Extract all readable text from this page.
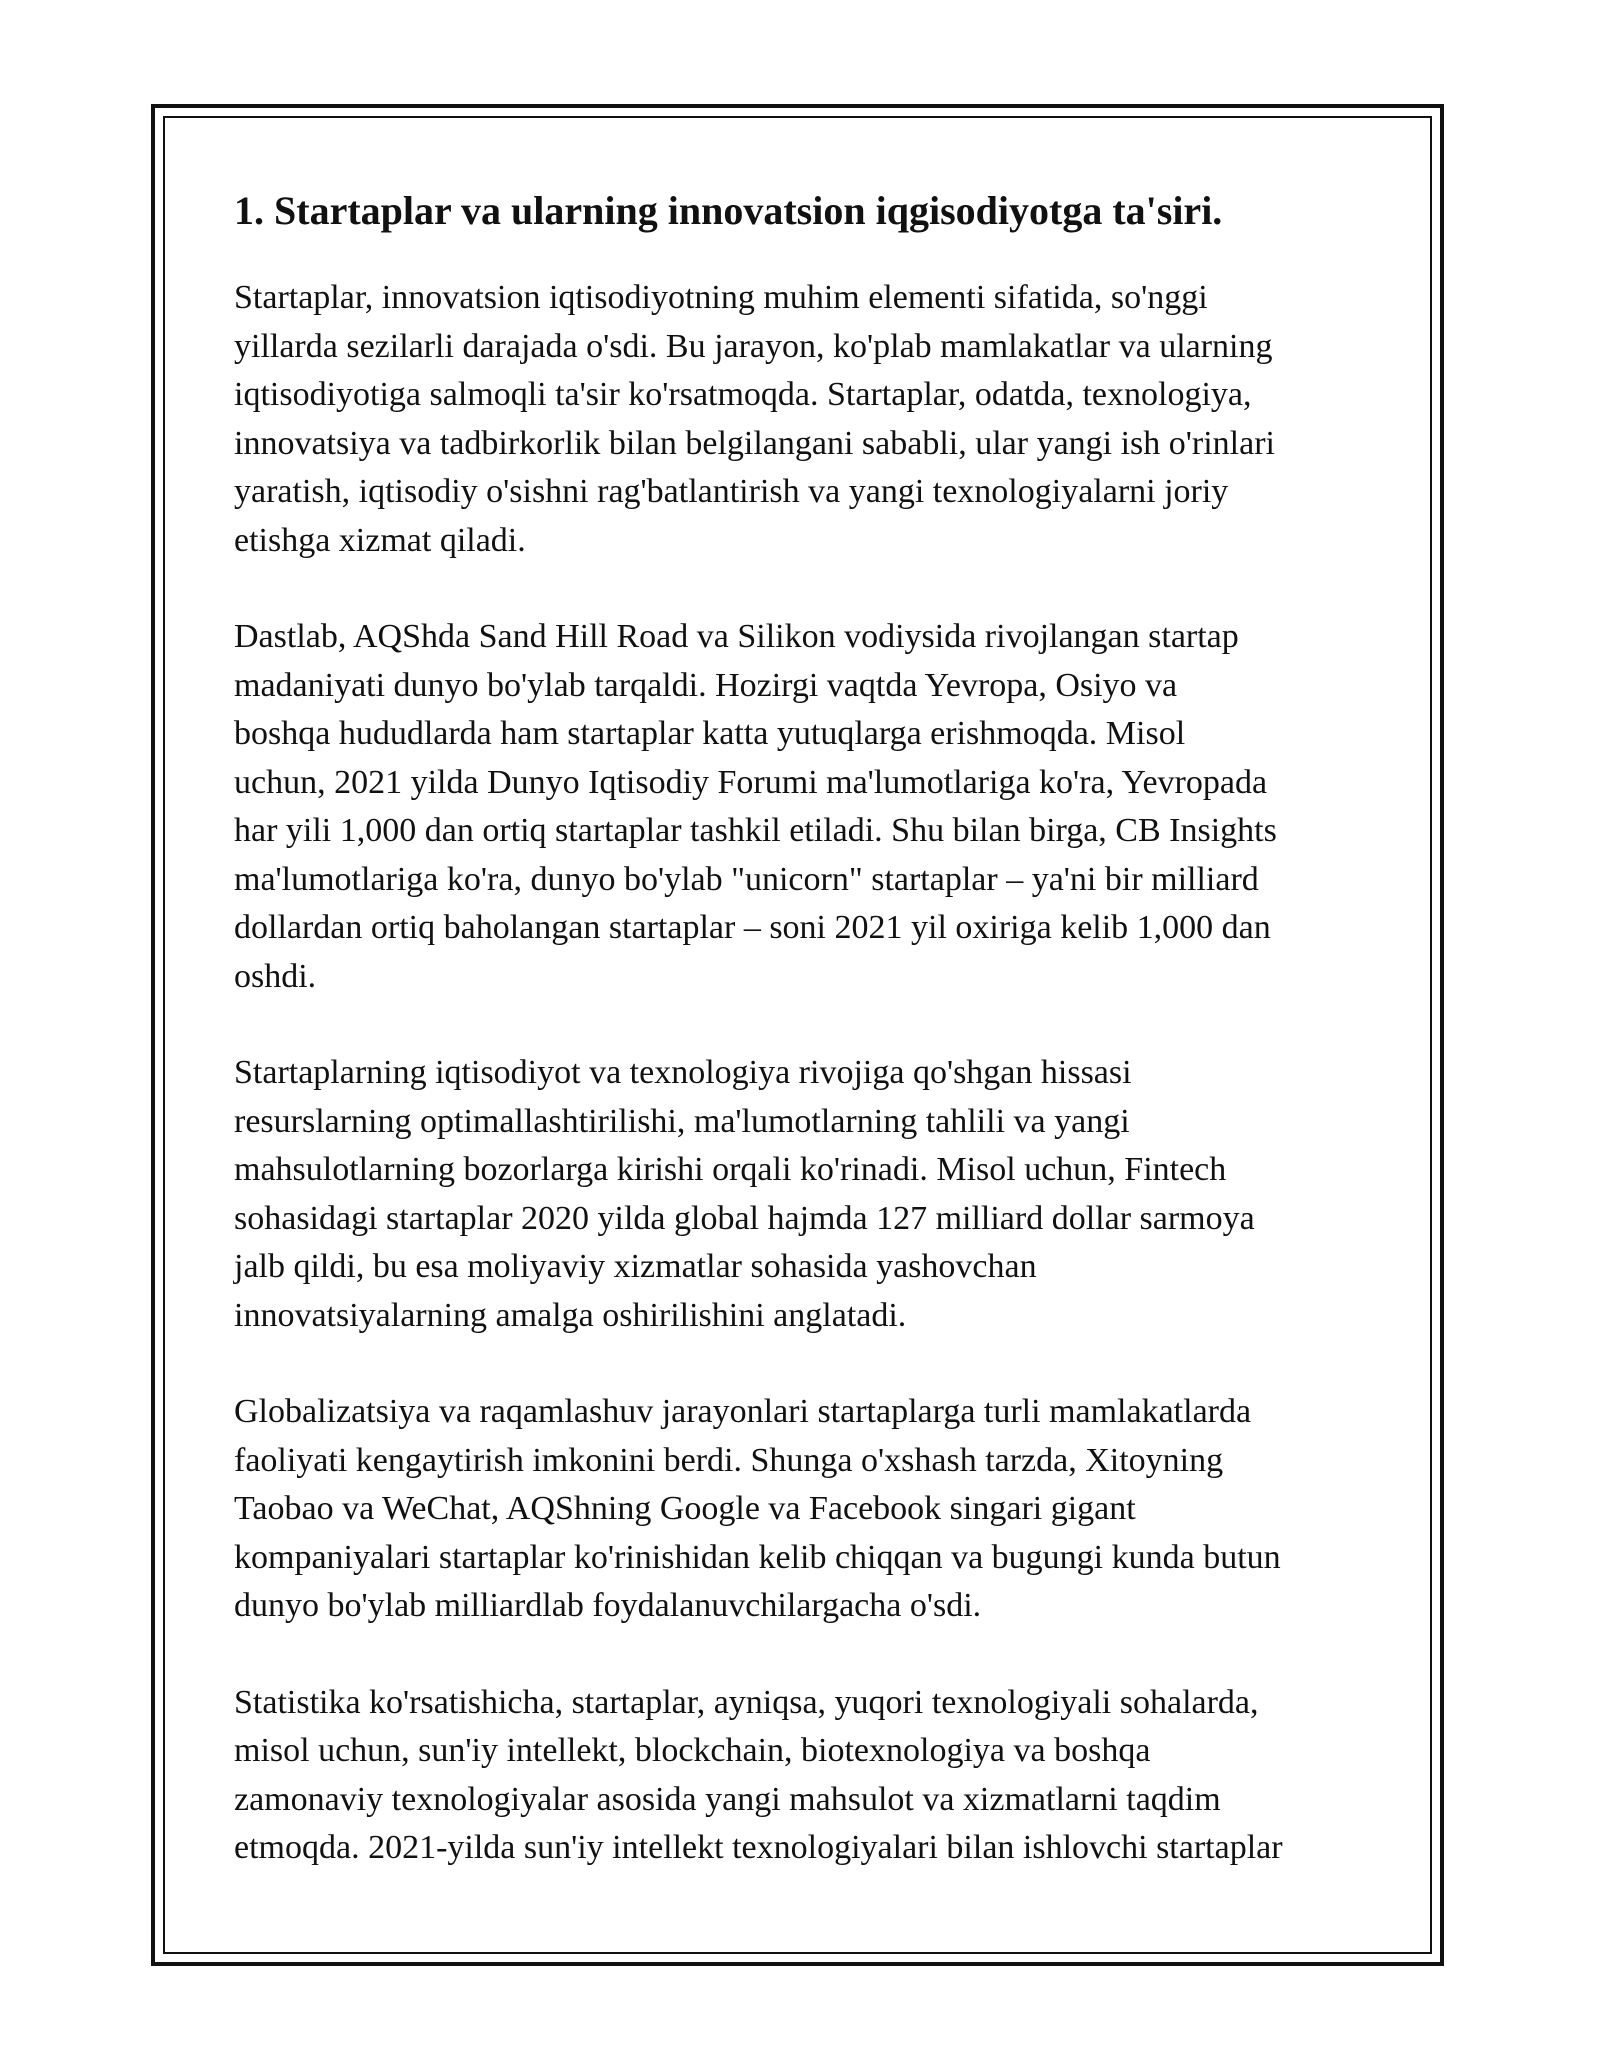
1. Startaplar va ularning innovatsion iqgisodiyotga ta'siri.

Startaplar, innovatsion iqtisodiyotning muhim elementi sifatida, so'nggi
yillarda sezilarli darajada o'sdi. Bu jarayon, ko'plab mamlakatlar va ularning
iqtisodiyotiga salmoqli ta'sir ko'rsatmoqda. Startaplar, odatda, texnologiya,
innovatsiya va tadbirkorlik bilan belgilangani sababli, ular yangi ish o'rinlari
yaratish, iqtisodiy o'sishni rag'batlantirish va yangi texnologiyalarni joriy
etishga xizmat qiladi.

Dastlab, AQShda Sand Hill Road va Silikon vodiysida rivojlangan startap
madaniyati dunyo bo'ylab tarqaldi. Hozirgi vaqtda Yevropa, Osiyo va
boshqa hududlarda ham startaplar katta yutuqlarga erishmoqda. Misol
uchun, 2021 yilda Dunyo Iqtisodiy Forumi ma'lumotlariga ko'ra, Yevropada
har yili 1,000 dan ortiq startaplar tashkil etiladi. Shu bilan birga, CB Insights
ma'lumotlariga ko'ra, dunyo bo'ylab "unicorn" startaplar – ya'ni bir milliard
dollardan ortiq baholangan startaplar – soni 2021 yil oxiriga kelib 1,000 dan
oshdi.

Startaplarning iqtisodiyot va texnologiya rivojiga qo'shgan hissasi
resurslarning optimallashtirilishi, ma'lumotlarning tahlili va yangi
mahsulotlarning bozorlarga kirishi orqali ko'rinadi. Misol uchun, Fintech
sohasidagi startaplar 2020 yilda global hajmda 127 milliard dollar sarmoya
jalb qildi, bu esa moliyaviy xizmatlar sohasida yashovchan
innovatsiyalarning amalga oshirilishini anglatadi.

Globalizatsiya va raqamlashuv jarayonlari startaplarga turli mamlakatlarda
faoliyati kengaytirish imkonini berdi. Shunga o'xshash tarzda, Xitoyning
Taobao va WeChat, AQShning Google va Facebook singari gigant
kompaniyalari startaplar ko'rinishidan kelib chiqqan va bugungi kunda butun
dunyo bo'ylab milliardlab foydalanuvchilargacha o'sdi.

Statistika ko'rsatishicha, startaplar, ayniqsa, yuqori texnologiyali sohalarda,
misol uchun, sun'iy intellekt, blockchain, biotexnologiya va boshqa
zamonaviy texnologiyalar asosida yangi mahsulot va xizmatlarni taqdim
etmoqda. 2021-yilda sun'iy intellekt texnologiyalari bilan ishlovchi startaplar
